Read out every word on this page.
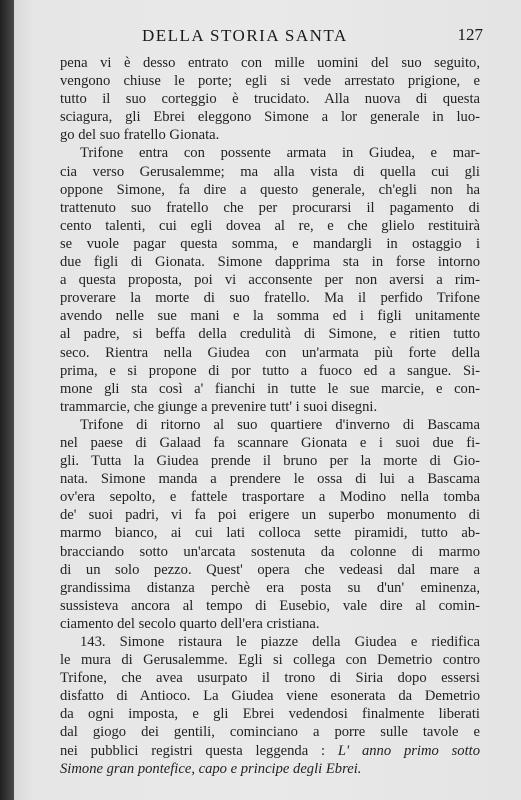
DELLA STORIA SANTA	127
pena vi è desso entrato con mille uomini del suo seguito,
vengono chiuse le porte; egli si vede arrestato prigione, e
tutto il suo corteggio è trucidato. Alla nuova di questa
sciagura, gli Ebrei eleggono Simone a lor generale in luo-
go del suo fratello Gionata.
Trifone entra con possente armata in Giudea, e mar-
cia verso Gerusalemme; ma alla vista di quella cui gli
oppone Simone, fa dire a questo generale, ch'egli non ha
trattenuto suo fratello che per procurarsi il pagamento di
cento talenti, cui egli dovea al re, e che glielo restituirà
se vuole pagar questa somma, e mandargli in ostaggio i
due figli di Gionata. Simone dapprima sta in forse intorno
a questa proposta, poi vi acconsente per non aversi a rim-
proverare la morte di suo fratello. Ma il perfido Trifone
avendo nelle sue mani e la somma ed i figli unitamente
al padre, si beffa della credulità di Simone, e ritien tutto
seco. Rientra nella Giudea con un'armata più forte della
prima, e si propone di por tutto a fuoco ed a sangue. Si-
mone gli sta così a' fianchi in tutte le sue marcie, e con-
trammarcie, che giunge a prevenire tutt' i suoi disegni.
Trifone di ritorno al suo quartiere d'inverno di Bascama
nel paese di Galaad fa scannare Gionata e i suoi due fi-
gli. Tutta la Giudea prende il bruno per la morte di Gio-
nata. Simone manda a prendere le ossa di lui a Bascama
ov'era sepolto, e fattele trasportare a Modino nella tomba
de' suoi padri, vi fa poi erigere un superbo monumento di
marmo bianco, ai cui lati colloca sette piramidi, tutto ab-
bracciando sotto un'arcata sostenuta da colonne di marmo
di un solo pezzo. Quest' opera che vedeasi dal mare a
grandissima distanza perchè era posta su d'un' eminenza,
sussisteva ancora al tempo di Eusebio, vale dire al comin-
ciamento del secolo quarto dell'era cristiana.
143. Simone ristaura le piazze della Giudea e riedifica
le mura di Gerusalemme. Egli si collega con Demetrio contro
Trifone, che avea usurpato il trono di Siria dopo essersi
disfatto di Antioco. La Giudea viene esonerata da Demetrio
da ogni imposta, e gli Ebrei vedendosi finalmente liberati
dal giogo dei gentili, cominciano a porre sulle tavole e
nei pubblici registri questa leggenda : L' anno primo sotto
Simone gran pontefice, capo e principe degli Ebrei.
